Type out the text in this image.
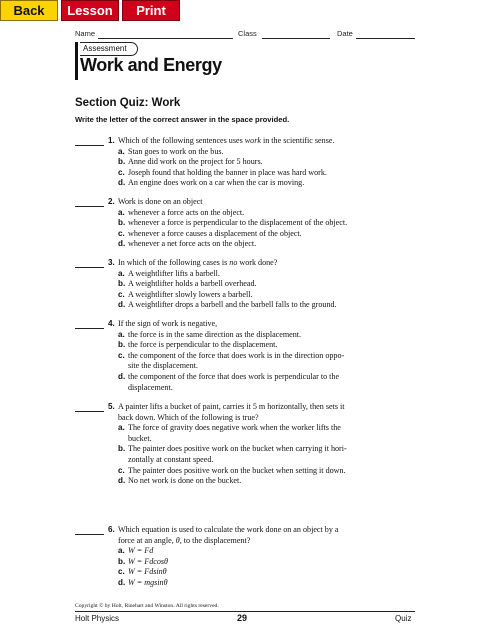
Back	Lesson	Print
Name	Class	Date
Assessment
Work and Energy
Section Quiz: Work
Write the letter of the correct answer in the space provided.
1. Which of the following sentences uses work in the scientific sense.
a. Stan goes to work on the bus.
b. Anne did work on the project for 5 hours.
c. Joseph found that holding the banner in place was hard work.
d. An engine does work on a car when the car is moving.
2. Work is done on an object
a. whenever a force acts on the object.
b. whenever a force is perpendicular to the displacement of the object.
c. whenever a force causes a displacement of the object.
d. whenever a net force acts on the object.
3. In which of the following cases is no work done?
a. A weightlifter lifts a barbell.
b. A weightlifter holds a barbell overhead.
c. A weightlifter slowly lowers a barbell.
d. A weightlifter drops a barbell and the barbell falls to the ground.
4. If the sign of work is negative,
a. the force is in the same direction as the displacement.
b. the force is perpendicular to the displacement.
c. the component of the force that does work is in the direction oppo-
site the displacement.
d. the component of the force that does work is perpendicular to the
displacement.
5. A painter lifts a bucket of paint, carries it 5 m horizontally, then sets it
back down. Which of the following is true?
a. The force of gravity does negative work when the worker lifts the
bucket.
b. The painter does positive work on the bucket when carrying it hori-
zontally at constant speed.
c. The painter does positive work on the bucket when setting it down.
d. No net work is done on the bucket.
6. Which equation is used to calculate the work done on an object by a
force at an angle, θ, to the displacement?
a. W = Fd
b. W = Fdcosθ
c. W = Fdsinθ
d. W = mgsinθ
Copyright © by Holt, Rinehart and Winston. All rights reserved.
Holt Physics	29	Quiz
